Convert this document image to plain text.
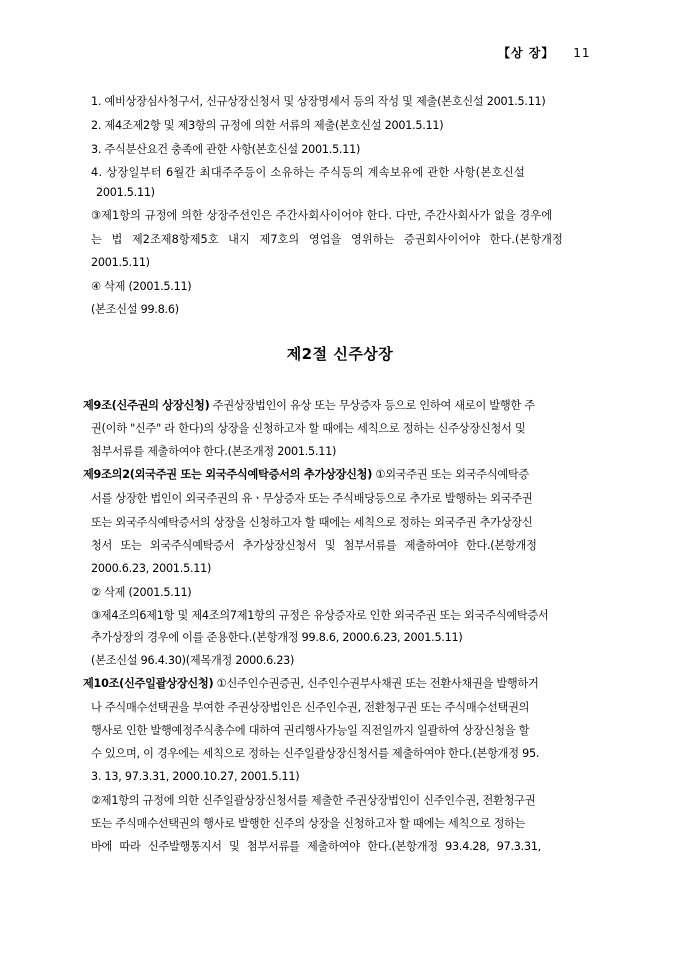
【상 장】 11
1. 예비상장심사청구서, 신규상장신청서 및 상장명세서 등의 작성 및 제출(본호신설 2001.5.11)
2. 제4조제2항 및 제3항의 규정에 의한 서류의 제출(본호신설 2001.5.11)
3. 주식분산요건 충족에 관한 사항(본호신설 2001.5.11)
4. 상장일부터 6월간 최대주주등이 소유하는 주식등의 계속보유에 관한 사항(본호신설
2001.5.11)
③제1항의 규정에 의한 상장주선인은 주간사회사이어야 한다. 다만, 주간사회사가 없을 경우에
는 법 제2조제8항제5호 내지 제7호의 영업을 영위하는 증권회사이어야 한다.(본항개정
2001.5.11)
④ 삭제 (2001.5.11)
(본조신설 99.8.6)
제9조(신주권의 상장신청) 주권상장법인이 유상 또는 무상증자 등으로 인하여 새로이 발행한 주
권(이하 "신주" 라 한다)의 상장을 신청하고자 할 때에는 세칙으로 정하는 신주상장신청서 및
첨부서류를 제출하여야 한다.(본조개정 2001.5.11)
제9조의2(외국주권 또는 외국주식예탁증서의 추가상장신청) ①외국주권 또는 외국주식예탁증
서를 상장한 법인이 외국주권의 유ㆍ무상증자 또는 주식배당등으로 추가로 발행하는 외국주권
또는 외국주식예탁증서의 상장을 신청하고자 할 때에는 세칙으로 정하는 외국주권 추가상장신
청서 또는 외국주식예탁증서 추가상장신청서 및 첨부서류를 제출하여야 한다.(본항개정
2000.6.23, 2001.5.11)
② 삭제 (2001.5.11)
③제4조의6제1항 및 제4조의7제1항의 규정은 유상증자로 인한 외국주권 또는 외국주식예탁증서
추가상장의 경우에 이를 준용한다.(본항개정 99.8.6, 2000.6.23, 2001.5.11)
(본조신설 96.4.30)(제목개정 2000.6.23)
제10조(신주일괄상장신청) ①신주인수권증권, 신주인수권부사채권 또는 전환사채권을 발행하거
나 주식매수선택권을 부여한 주권상장법인은 신주인수권, 전환청구권 또는 주식매수선택권의
행사로 인한 발행예정주식총수에 대하여 권리행사가능일 직전일까지 일괄하여 상장신청을 할
수 있으며, 이 경우에는 세칙으로 정하는 신주일괄상장신청서를 제출하여야 한다.(본항개정 95.
3. 13, 97.3.31, 2000.10.27, 2001.5.11)
②제1항의 규정에 의한 신주일괄상장신청서를 제출한 주권상장법인이 신주인수권, 전환청구권
또는 주식매수선택권의 행사로 발행한 신주의 상장을 신청하고자 할 때에는 세칙으로 정하는
바에 따라 신주발행통지서 및 첨부서류를 제출하여야 한다.(본항개정 93.4.28, 97.3.31,
제2절 신주상장
